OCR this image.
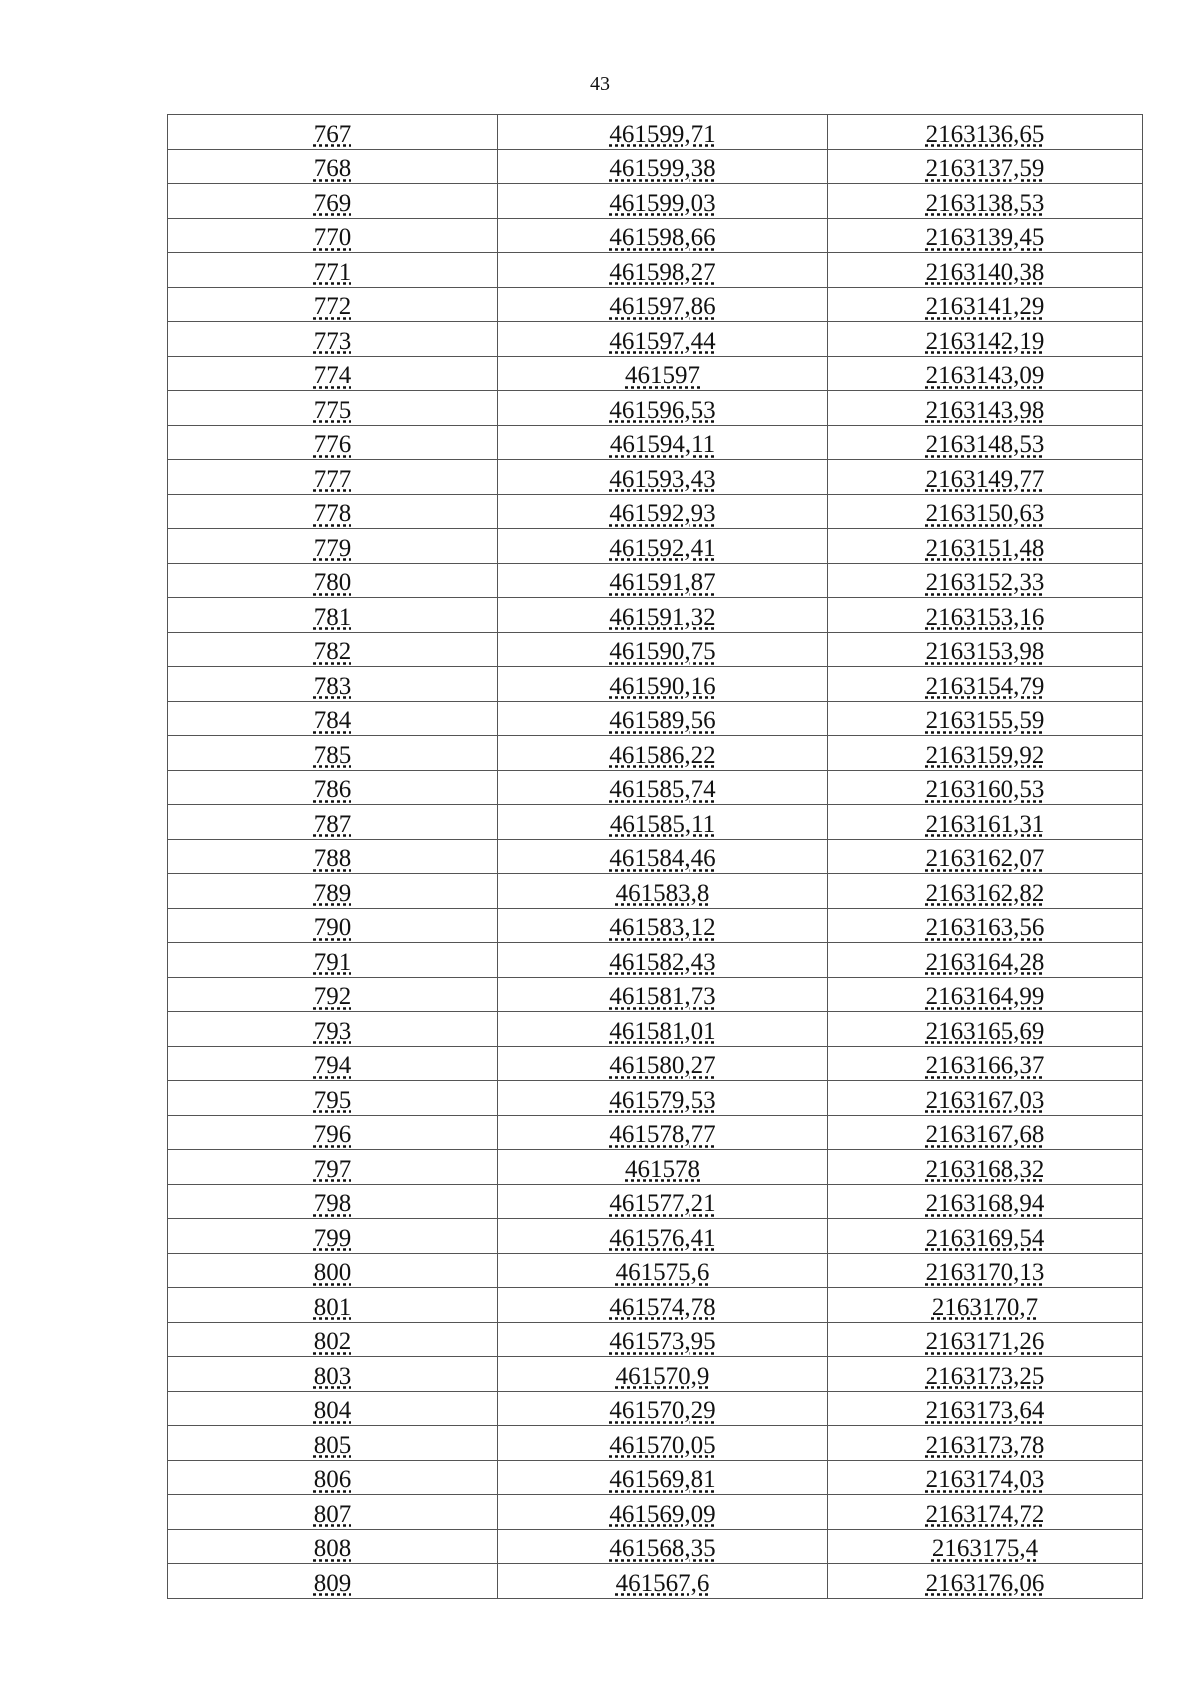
43
767	461599,71	2163136,65
768	461599,38	2163137,59
769	461599,03	2163138,53
770	461598,66	2163139,45
771	461598,27	2163140,38
772	461597,86	2163141,29
773	461597,44	2163142,19
774	461597	2163143,09
775	461596,53	2163143,98
776	461594,11	2163148,53
777	461593,43	2163149,77
778	461592,93	2163150,63
779	461592,41	2163151,48
780	461591,87	2163152,33
781	461591,32	2163153,16
782	461590,75	2163153,98
783	461590,16	2163154,79
784	461589,56	2163155,59
785	461586,22	2163159,92
786	461585,74	2163160,53
787	461585,11	2163161,31
788	461584,46	2163162,07
789	461583,8	2163162,82
790	461583,12	2163163,56
791	461582,43	2163164,28
792	461581,73	2163164,99
793	461581,01	2163165,69
794	461580,27	2163166,37
795	461579,53	2163167,03
796	461578,77	2163167,68
797	461578	2163168,32
798	461577,21	2163168,94
799	461576,41	2163169,54
800	461575,6	2163170,13
801	461574,78	2163170,7
802	461573,95	2163171,26
803	461570,9	2163173,25
804	461570,29	2163173,64
805	461570,05	2163173,78
806	461569,81	2163174,03
807	461569,09	2163174,72
808	461568,35	2163175,4
809	461567,6	2163176,06
